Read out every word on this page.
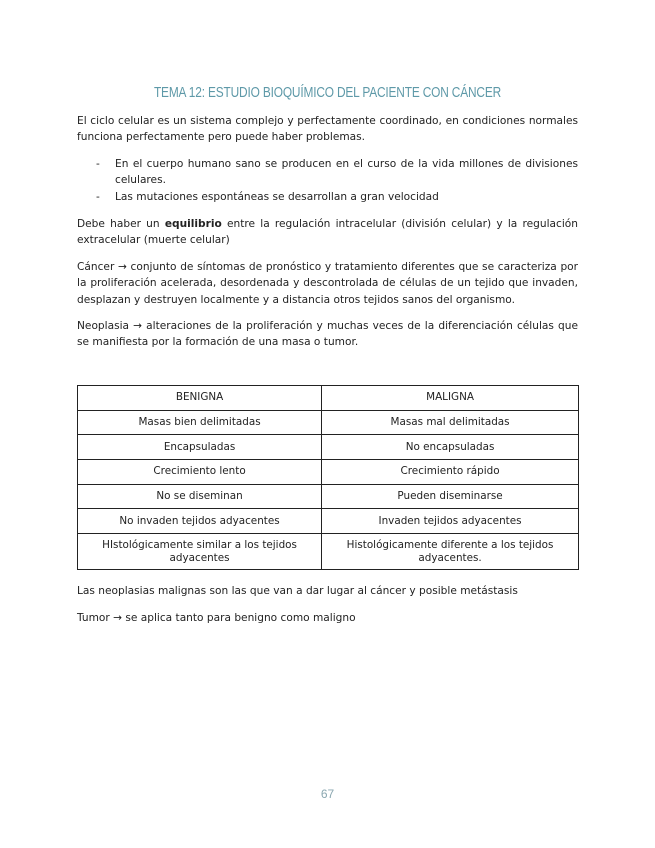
TEMA 12: ESTUDIO BIOQUÍMICO DEL PACIENTE CON CÁNCER

El ciclo celular es un sistema complejo y perfectamente coordinado, en condiciones normales funciona perfectamente pero puede haber problemas.

- En el cuerpo humano sano se producen en el curso de la vida millones de divisiones celulares.
- Las mutaciones espontáneas se desarrollan a gran velocidad

Debe haber un equilibrio entre la regulación intracelular (división celular) y la regulación extracelular (muerte celular)

Cáncer → conjunto de síntomas de pronóstico y tratamiento diferentes que se caracteriza por la proliferación acelerada, desordenada y descontrolada de células de un tejido que invaden, desplazan y destruyen localmente y a distancia otros tejidos sanos del organismo.

Neoplasia → alteraciones de la proliferación y muchas veces de la diferenciación células que se manifiesta por la formación de una masa o tumor.

BENIGNA	MALIGNA
Masas bien delimitadas	Masas mal delimitadas
Encapsuladas	No encapsuladas
Crecimiento lento	Crecimiento rápido
No se diseminan	Pueden diseminarse
No invaden tejidos adyacentes	Invaden tejidos adyacentes
HIstológicamente similar a los tejidos adyacentes	Histológicamente diferente a los tejidos adyacentes.

Las neoplasias malignas son las que van a dar lugar al cáncer y posible metástasis

Tumor → se aplica tanto para benigno como maligno

67
